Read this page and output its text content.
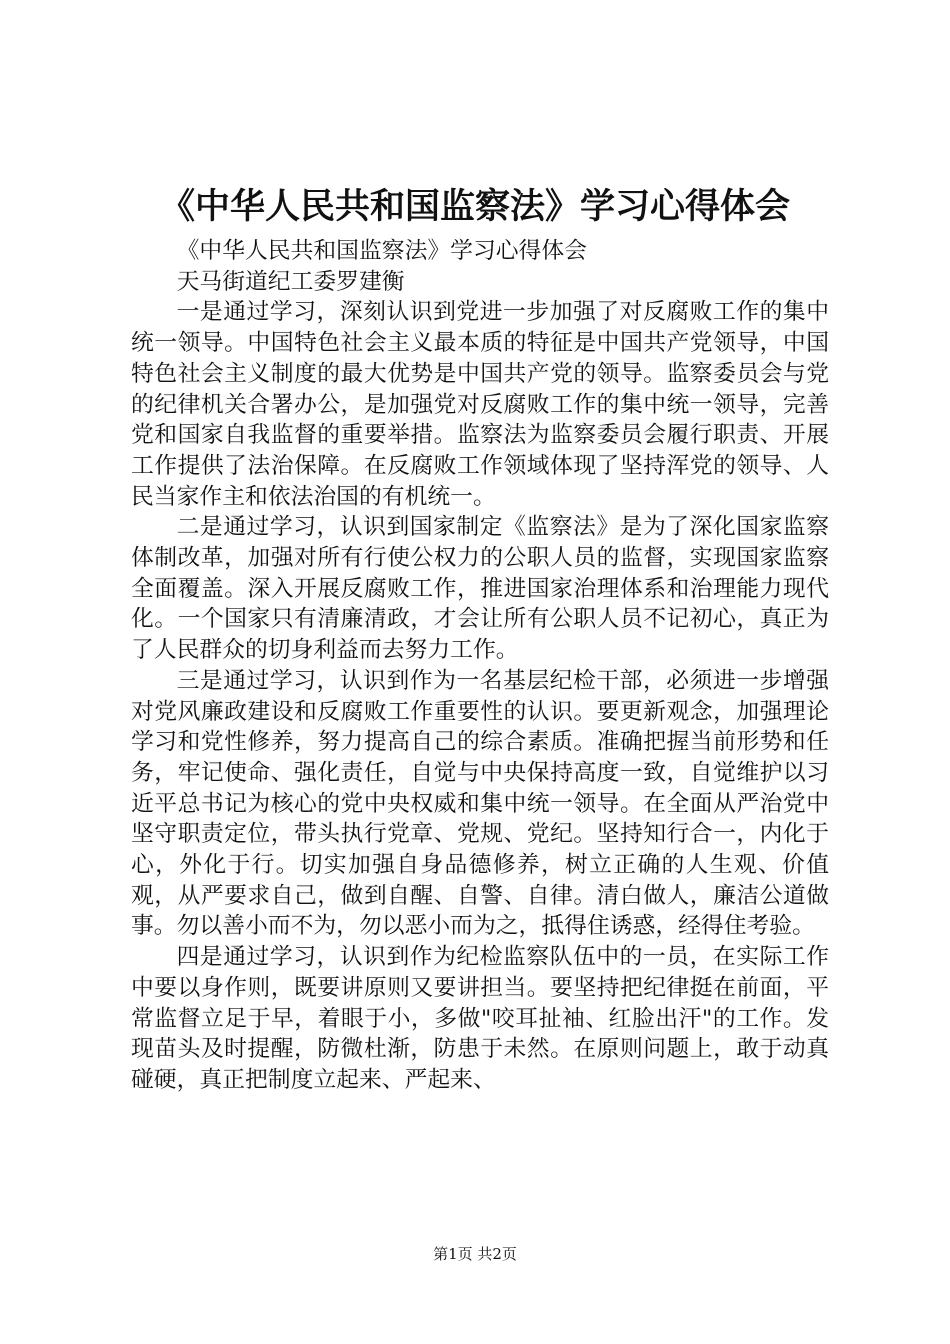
《中华人民共和国监察法》学习心得体会

《中华人民共和国监察法》学习心得体会

天马街道纪工委罗建衡

一是通过学习，深刻认识到党进一步加强了对反腐败工作的集中统一领导。中国特色社会主义最本质的特征是中国共产党领导，中国特色社会主义制度的最大优势是中国共产党的领导。监察委员会与党的纪律机关合署办公，是加强党对反腐败工作的集中统一领导，完善党和国家自我监督的重要举措。监察法为监察委员会履行职责、开展工作提供了法治保障。在反腐败工作领域体现了坚持浑党的领导、人民当家作主和依法治国的有机统一。

二是通过学习，认识到国家制定《监察法》是为了深化国家监察体制改革，加强对所有行使公权力的公职人员的监督，实现国家监察全面覆盖。深入开展反腐败工作，推进国家治理体系和治理能力现代化。一个国家只有清廉清政，才会让所有公职人员不记初心，真正为了人民群众的切身利益而去努力工作。

三是通过学习，认识到作为一名基层纪检干部，必须进一步增强对党风廉政建设和反腐败工作重要性的认识。要更新观念，加强理论学习和党性修养，努力提高自己的综合素质。准确把握当前形势和任务，牢记使命、强化责任，自觉与中央保持高度一致，自觉维护以习近平总书记为核心的党中央权威和集中统一领导。在全面从严治党中坚守职责定位，带头执行党章、党规、党纪。坚持知行合一，内化于心，外化于行。切实加强自身品德修养，树立正确的人生观、价值观，从严要求自己，做到自醒、自警、自律。清白做人，廉洁公道做事。勿以善小而不为，勿以恶小而为之，抵得住诱惑，经得住考验。

四是通过学习，认识到作为纪检监察队伍中的一员，在实际工作中要以身作则，既要讲原则又要讲担当。要坚持把纪律挺在前面，平常监督立足于早，着眼于小，多做"咬耳扯袖、红脸出汗"的工作。发现苗头及时提醒，防微杜渐，防患于未然。在原则问题上，敢于动真碰硬，真正把制度立起来、严起来、

第1页 共2页
